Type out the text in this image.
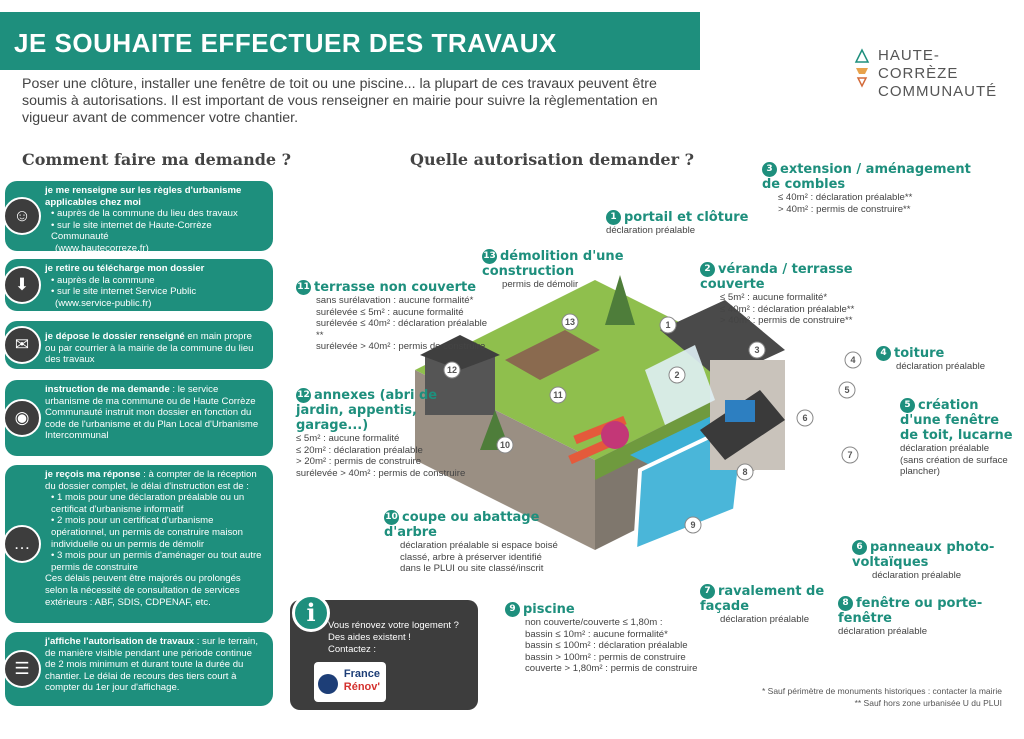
JE SOUHAITE EFFECTUER DES TRAVAUX
Poser une clôture, installer une fenêtre de toit ou une piscine... la plupart de ces travaux peuvent être soumis à autorisations. Il est important de vous renseigner en mairie pour suivre la règlementation en vigueur avant de commencer votre chantier.
HAUTE-CORRÈZE
COMMUNAUTÉ
Comment faire ma demande ?	Quelle autorisation demander ?
☺
je me renseigne sur les règles d'urbanisme applicables chez moi
• auprès de la commune du lieu des travaux
• sur le site internet de Haute-Corrèze Communauté
(www.hautecorreze.fr)
⬇
je retire ou télécharge mon dossier
• auprès de la commune
• sur le site internet Service Public
(www.service-public.fr)
✉	je dépose le dossier renseigné en main propre ou par courrier à la mairie de la commune du lieu des travaux
◉
instruction de ma demande : le service urbanisme de ma commune ou de Haute Corrèze Communauté instruit mon dossier en fonction du code de l'urbanisme et du Plan Local d'Urbanisme Intercommunal
…
je reçois ma réponse : à compter de la réception du dossier complet, le délai d'instruction est de :
• 1 mois pour une déclaration préalable ou un certificat d'urbanisme informatif
• 2 mois pour un certificat d'urbanisme opérationnel, un permis de construire maison individuelle ou un permis de démolir
• 3 mois pour un permis d'aménager ou tout autre permis de construire
Ces délais peuvent être majorés ou prolongés selon la nécessité de consultation de services extérieurs : ABF, SDIS, CDPENAF, etc.
☰
j'affiche l'autorisation de travaux : sur le terrain, de manière visible pendant une période continue de 2 mois minimum et durant toute la durée du chantier. Le délai de recours des tiers court à compter du 1er jour d'affichage.
i	Vous rénovez votre logement ?
Des aides existent !
Contactez :
France
Rénov'
1
2
3
4
5
6
7
8
9
10
11
12
13
1 portail et clôture
déclaration préalable
2 véranda / terrasse couverte
≤ 5m² : aucune formalité*
≤ 40m² : déclaration préalable**
> 40m² : permis de construire**
3 extension / aménagement de combles
≤ 40m² : déclaration préalable**
> 40m² : permis de construire**
4 toiture
déclaration préalable
5 création d'une fenêtre de toit, lucarne
déclaration préalable
(sans création de surface plancher)
6 panneaux photo-voltaïques
déclaration préalable
7 ravalement de façade
déclaration préalable
8 fenêtre ou porte-fenêtre
déclaration préalable
9 piscine
non couverte/couverte ≤ 1,80m :
bassin ≤ 10m² : aucune formalité*
bassin ≤ 100m² : déclaration préalable
bassin > 100m² : permis de construire
couverte > 1,80m² : permis de construire
10 coupe ou abattage d'arbre
déclaration préalable si espace boisé classé, arbre à préserver identifié dans le PLUI ou site classé/inscrit
11 terrasse non couverte
sans surélavation : aucune formalité*
surélevée ≤ 5m² : aucune formalité
surélevée ≤ 40m² : déclaration préalable **
surélevée > 40m² : permis de construire
12 annexes (abri de jardin, appentis, garage...)
≤ 5m² : aucune formalité
≤ 20m² : déclaration préalable
> 20m² : permis de construire
surélevée > 40m² : permis de construire
13 démolition d'une construction
permis de démolir
* Sauf périmètre de monuments historiques : contacter la mairie
** Sauf hors zone urbanisée U du PLUI
